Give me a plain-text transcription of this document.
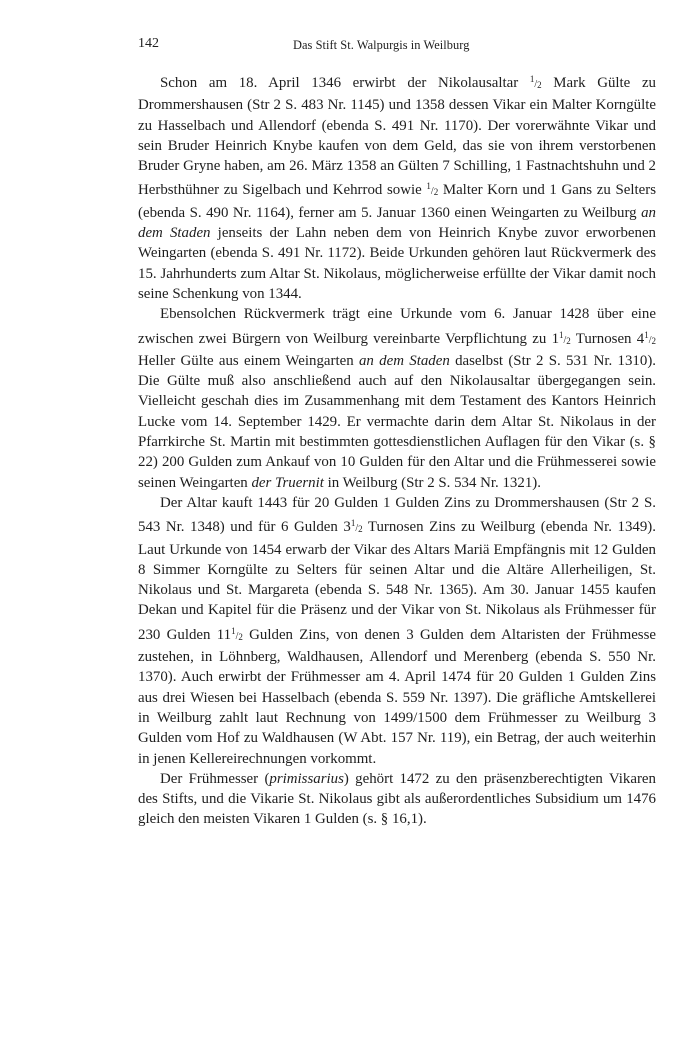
142	Das Stift St. Walpurgis in Weilburg

Schon am 18. April 1346 erwirbt der Nikolausaltar $^1/_2$ Mark Gülte zu Drommershausen (Str 2 S. 483 Nr. 1145) und 1358 dessen Vikar ein Malter Korngülte zu Hasselbach und Allendorf (ebenda S. 491 Nr. 1170). Der vorerwähnte Vikar und sein Bruder Heinrich Knybe kaufen von dem Geld, das sie von ihrem verstorbenen Bruder Gryne haben, am 26. März 1358 an Gülten 7 Schilling, 1 Fastnachtshuhn und 2 Herbsthühner zu Sigelbach und Kehrrod sowie $^1/_2$ Malter Korn und 1 Gans zu Selters (ebenda S. 490 Nr. 1164), ferner am 5. Januar 1360 einen Weingarten zu Weilburg an dem Staden jenseits der Lahn neben dem von Heinrich Knybe zuvor erworbenen Weingarten (ebenda S. 491 Nr. 1172). Beide Urkunden gehören laut Rückvermerk des 15. Jahrhunderts zum Altar St. Nikolaus, möglicherweise erfüllte der Vikar damit noch seine Schenkung von 1344.

Ebensolchen Rückvermerk trägt eine Urkunde vom 6. Januar 1428 über eine zwischen zwei Bürgern von Weilburg vereinbarte Verpflichtung zu $1^1/_2$ Turnosen $4^1/_2$ Heller Gülte aus einem Weingarten an dem Staden daselbst (Str 2 S. 531 Nr. 1310). Die Gülte muß also anschließend auch auf den Nikolausaltar übergegangen sein. Vielleicht geschah dies im Zusammenhang mit dem Testament des Kantors Heinrich Lucke vom 14. September 1429. Er vermachte darin dem Altar St. Nikolaus in der Pfarrkirche St. Martin mit bestimmten gottesdienstlichen Auflagen für den Vikar (s. § 22) 200 Gulden zum Ankauf von 10 Gulden für den Altar und die Frühmesserei sowie seinen Weingarten der Truernit in Weilburg (Str 2 S. 534 Nr. 1321).

Der Altar kauft 1443 für 20 Gulden 1 Gulden Zins zu Drommershausen (Str 2 S. 543 Nr. 1348) und für 6 Gulden $3^1/_2$ Turnosen Zins zu Weilburg (ebenda Nr. 1349). Laut Urkunde von 1454 erwarb der Vikar des Altars Mariä Empfängnis mit 12 Gulden 8 Simmer Korngülte zu Selters für seinen Altar und die Altäre Allerheiligen, St. Nikolaus und St. Margareta (ebenda S. 548 Nr. 1365). Am 30. Januar 1455 kaufen Dekan und Kapitel für die Präsenz und der Vikar von St. Nikolaus als Frühmesser für 230 Gulden $11^1/_2$ Gulden Zins, von denen 3 Gulden dem Altaristen der Frühmesse zustehen, in Löhnberg, Waldhausen, Allendorf und Merenberg (ebenda S. 550 Nr. 1370). Auch erwirbt der Frühmesser am 4. April 1474 für 20 Gulden 1 Gulden Zins aus drei Wiesen bei Hasselbach (ebenda S. 559 Nr. 1397). Die gräfliche Amtskellerei in Weilburg zahlt laut Rechnung von 1499/1500 dem Frühmesser zu Weilburg 3 Gulden vom Hof zu Waldhausen (W Abt. 157 Nr. 119), ein Betrag, der auch weiterhin in jenen Kellereirechnungen vorkommt.

Der Frühmesser (primissarius) gehört 1472 zu den präsenzberechtigten Vikaren des Stifts, und die Vikarie St. Nikolaus gibt als außerordentliches Subsidium um 1476 gleich den meisten Vikaren 1 Gulden (s. § 16,1).
